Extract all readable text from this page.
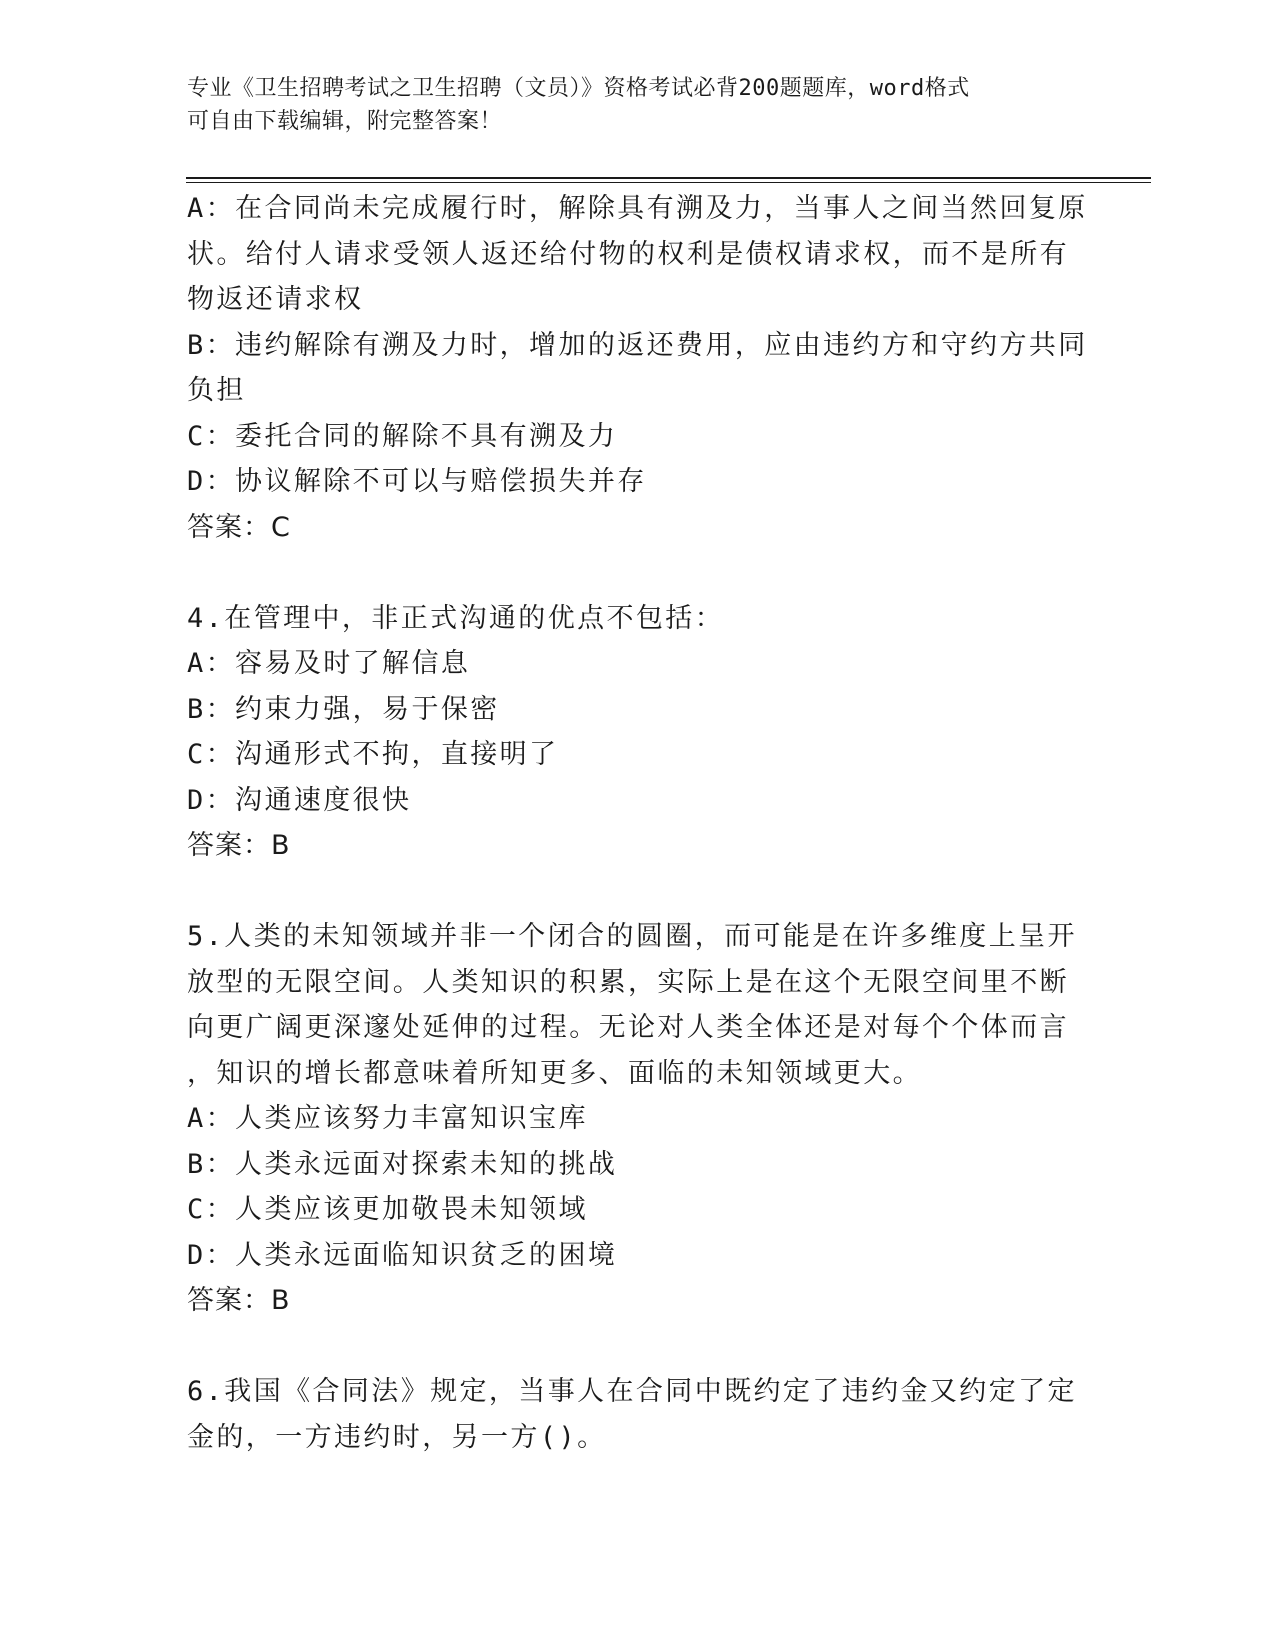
专业《卫生招聘考试之卫生招聘（文员）》资格考试必背200题题库，word格式
可自由下载编辑，附完整答案！
A：在合同尚未完成履行时，解除具有溯及力，当事人之间当然回复原
状。给付人请求受领人返还给付物的权利是债权请求权，而不是所有
物返还请求权
B：违约解除有溯及力时，增加的返还费用，应由违约方和守约方共同
负担
C：委托合同的解除不具有溯及力
D：协议解除不可以与赔偿损失并存
答案：C
4.在管理中，非正式沟通的优点不包括：
A：容易及时了解信息
B：约束力强，易于保密
C：沟通形式不拘，直接明了
D：沟通速度很快
答案：B
5.人类的未知领域并非一个闭合的圆圈，而可能是在许多维度上呈开
放型的无限空间。人类知识的积累，实际上是在这个无限空间里不断
向更广阔更深邃处延伸的过程。无论对人类全体还是对每个个体而言
，知识的增长都意味着所知更多、面临的未知领域更大。
A：人类应该努力丰富知识宝库
B：人类永远面对探索未知的挑战
C：人类应该更加敬畏未知领域
D：人类永远面临知识贫乏的困境
答案：B
6.我国《合同法》规定，当事人在合同中既约定了违约金又约定了定
金的，一方违约时，另一方()。
